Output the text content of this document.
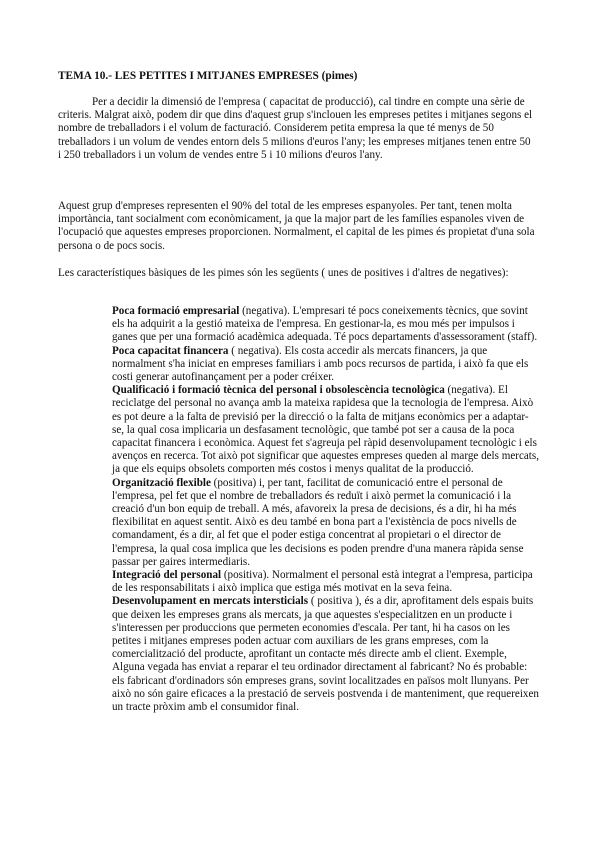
TEMA 10.- LES PETITES I MITJANES EMPRESES (pimes)

Per a decidir la dimensió de l'empresa ( capacitat de producció), cal tindre en compte una sèrie de criteris. Malgrat això, podem dir que dins d'aquest grup s'inclouen les empreses petites i mitjanes segons el nombre de treballadors i el volum de facturació. Considerem petita empresa la que té menys de 50 treballadors i un volum de vendes entorn dels 5 milions d'euros l'any; les empreses mitjanes tenen entre 50 i 250 treballadors i un volum de vendes entre 5 i 10 milions d'euros l'any.

Aquest grup d'empreses representen el 90% del total de les empreses espanyoles. Per tant, tenen molta importància, tant socialment com econòmicament, ja que la major part de les famílies espanoles viven de l'ocupació que aquestes empreses proporcionen. Normalment, el capital de les pimes és propietat d'una sola persona o de pocs socis.

Les característiques bàsiques de les pimes són les següents ( unes de positives i d'altres de negatives):

Poca formació empresarial (negativa). L'empresari té pocs coneixements tècnics, que sovint els ha adquirit a la gestió mateixa de l'empresa. En gestionar-la, es mou més per impulsos i ganes que per una formació acadèmica adequada. Té pocs departaments d'assessorament (staff).

Poca capacitat financera ( negativa). Els costa accedir als mercats financers, ja que normalment s'ha iniciat en empreses familiars i amb pocs recursos de partida, i això fa que els costi generar autofinançament per a poder créixer.

Qualificació i formació tècnica del personal i obsolescència tecnològica (negativa). El reciclatge del personal no avança amb la mateixa rapidesa que la tecnologia de l'empresa. Això es pot deure a la falta de previsió per la direcció o la falta de mitjans econòmics per a adaptar-se, la qual cosa implicaria un desfasament tecnològic, que també pot ser a causa de la poca capacitat financera i econòmica. Aquest fet s'agreuja pel ràpid desenvolupament tecnològic i els avenços en recerca. Tot això pot significar que aquestes empreses queden al marge dels mercats, ja que els equips obsolets comporten més costos i menys qualitat de la producció.

Organització flexible (positiva) i, per tant, facilitat de comunicació entre el personal de l'empresa, pel fet que el nombre de treballadors és reduït i això permet la comunicació i la creació d'un bon equip de treball. A més, afavoreix la presa de decisions, és a dir, hi ha més flexibilitat en aquest sentit. Això es deu també en bona part a l'existència de pocs nivells de comandament, és a dir, al fet que el poder estiga concentrat al propietari o el director de l'empresa, la qual cosa implica que les decisions es poden prendre d'una manera ràpida sense passar per gaires intermediaris.

Integració del personal (positiva). Normalment el personal està integrat a l'empresa, participa de les responsabilitats i això implica que estiga més motivat en la seva feina.

Desenvolupament en mercats intersticials ( positiva ), és a dir, aprofitament dels espais buits que deixen les empreses grans als mercats, ja que aquestes s'especialitzen en un producte i s'interessen per produccions que permeten economies d'escala. Per tant, hi ha casos on les petites i mitjanes empreses poden actuar com auxiliars de les grans empreses, com la comercialització del producte, aprofitant un contacte més directe amb el client. Exemple, Alguna vegada has enviat a reparar el teu ordinador directament al fabricant? No és probable: els fabricant d'ordinadors són empreses grans, sovint localitzades en països molt llunyans. Per això no són gaire eficaces a la prestació de serveis postvenda i de manteniment, que requereixen un tracte pròxim amb el consumidor final.
